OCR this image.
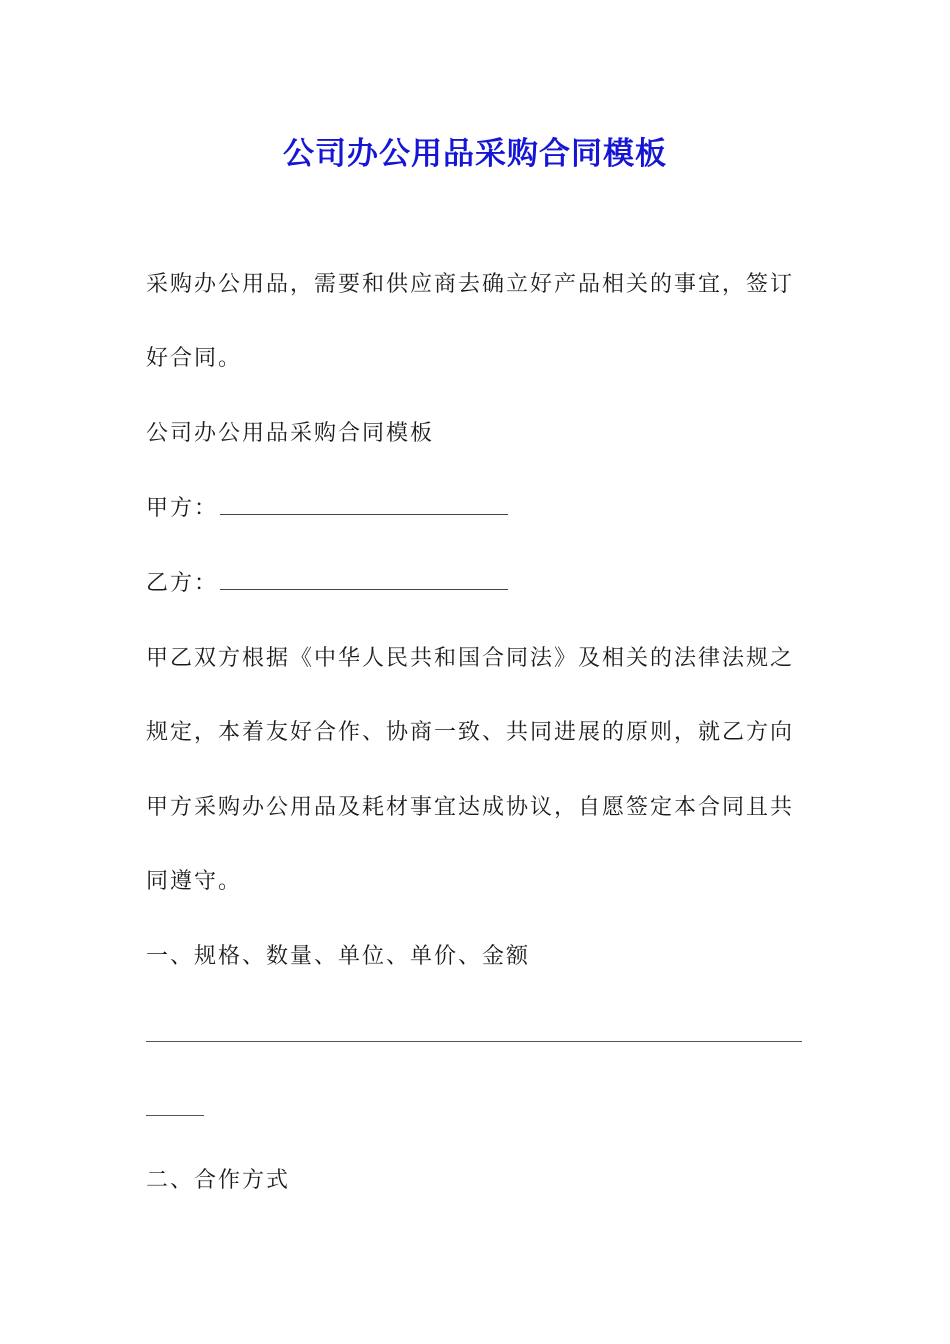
公司办公用品采购合同模板
采购办公用品，需要和供应商去确立好产品相关的事宜，签订
好合同。
公司办公用品采购合同模板
甲方：
乙方：
甲乙双方根据《中华人民共和国合同法》及相关的法律法规之
规定，本着友好合作、协商一致、共同进展的原则，就乙方向
甲方采购办公用品及耗材事宜达成协议，自愿签定本合同且共
同遵守。
一、规格、数量、单位、单价、金额
二、合作方式
